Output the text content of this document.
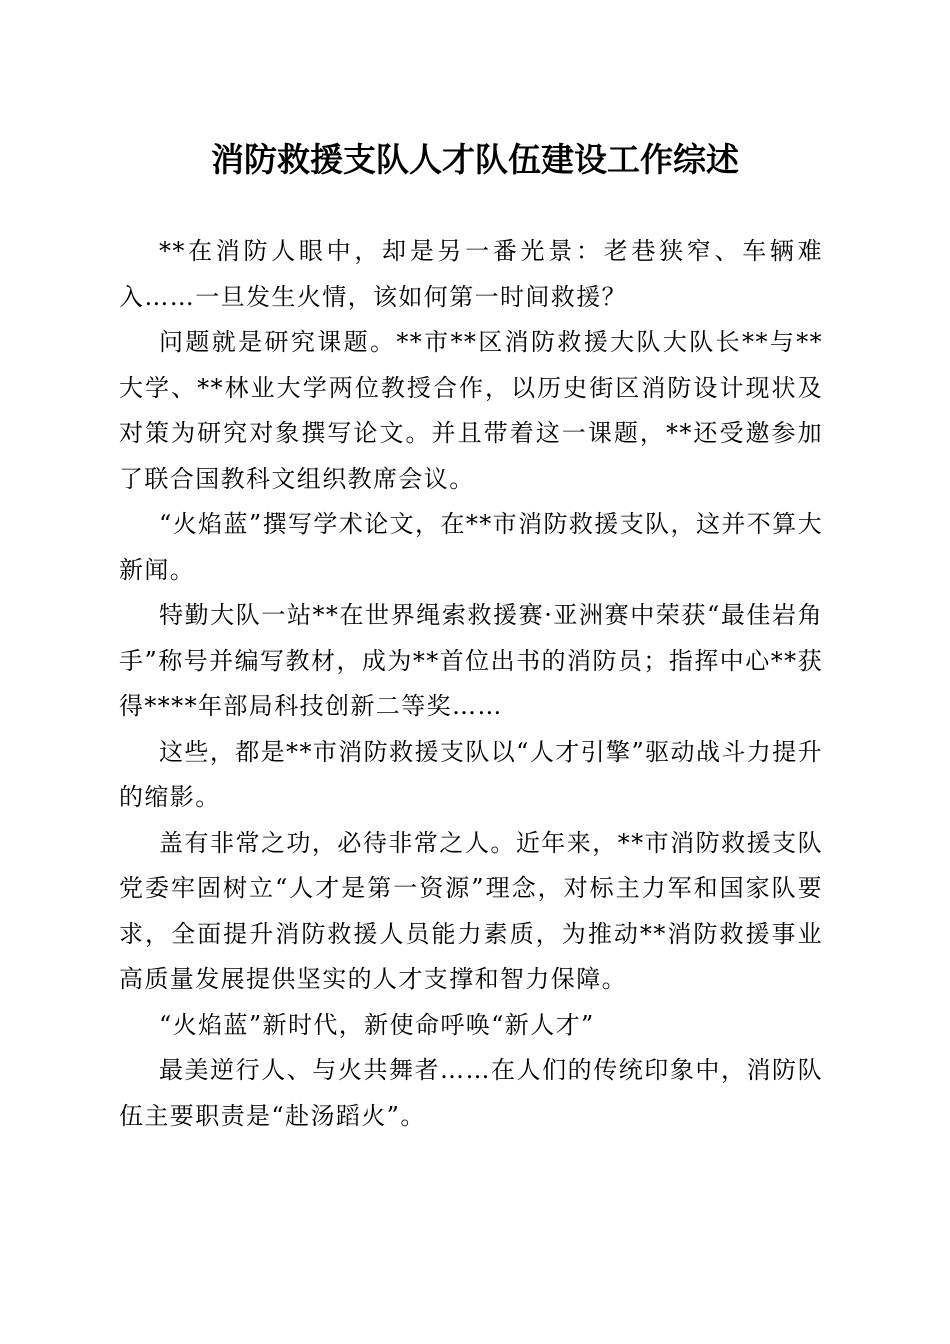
消防救援支队人才队伍建设工作综述

**在消防人眼中，却是另一番光景：老巷狭窄、车辆难入……一旦发生火情，该如何第一时间救援？

问题就是研究课题。**市**区消防救援大队大队长**与**大学、**林业大学两位教授合作，以历史街区消防设计现状及对策为研究对象撰写论文。并且带着这一课题，**还受邀参加了联合国教科文组织教席会议。

“火焰蓝”撰写学术论文，在**市消防救援支队，这并不算大新闻。

特勤大队一站**在世界绳索救援赛·亚洲赛中荣获“最佳岩角手”称号并编写教材，成为**首位出书的消防员；指挥中心**获得****年部局科技创新二等奖……

这些，都是**市消防救援支队以“人才引擎”驱动战斗力提升的缩影。

盖有非常之功，必待非常之人。近年来，**市消防救援支队党委牢固树立“人才是第一资源”理念，对标主力军和国家队要求，全面提升消防救援人员能力素质，为推动**消防救援事业高质量发展提供坚实的人才支撑和智力保障。

“火焰蓝”新时代，新使命呼唤“新人才”

最美逆行人、与火共舞者……在人们的传统印象中，消防队伍主要职责是“赴汤蹈火”。
